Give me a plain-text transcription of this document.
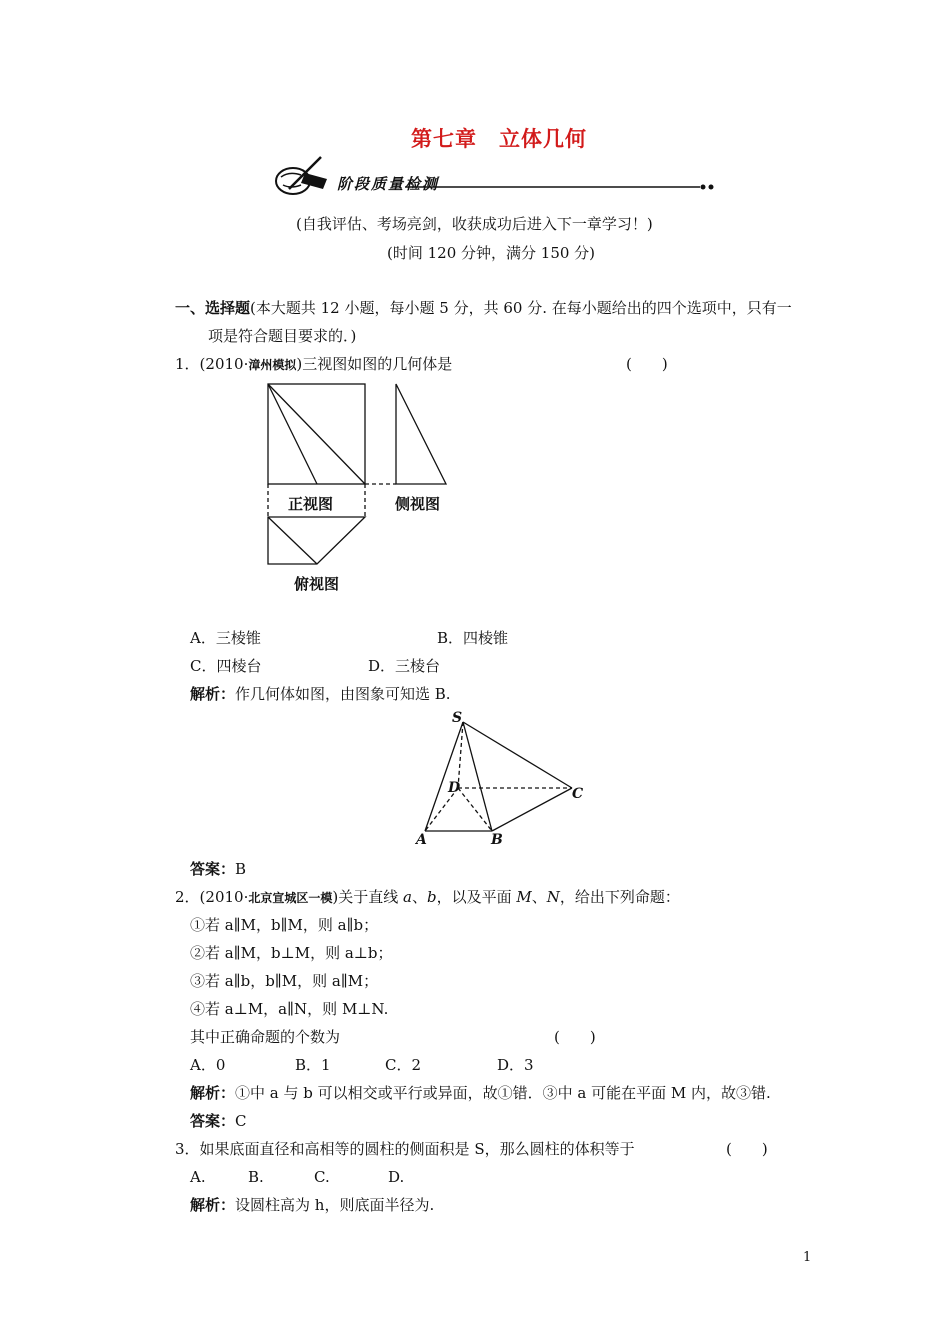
第七章　立体几何
阶段质量检测
(自我评估、考场亮剑，收获成功后进入下一章学习！)
(时间 120 分钟，满分 150 分)
一、选择题(本大题共 12 小题，每小题 5 分，共 60 分. 在每小题给出的四个选项中，只有一
项是符合题目要求的．)
1．(2010·漳州模拟)三视图如图的几何体是	(　　)
正视图	侧视图
俯视图
A．三棱锥	B．四棱锥
C．四棱台	D．三棱台
解析：作几何体如图，由图象可知选 B.
S
D	C
A	B
答案：B
2．(2010·北京宣城区一模)关于直线 a、b，以及平面 M、N，给出下列命题：
①若 a∥M，b∥M，则 a∥b；
②若 a∥M，b⊥M，则 a⊥b；
③若 a∥b，b∥M，则 a∥M；
④若 a⊥M，a∥N，则 M⊥N.
其中正确命题的个数为	(　　)
A．0	B．1	C．2	D．3
解析：①中 a 与 b 可以相交或平行或异面，故①错．③中 a 可能在平面 M 内，故③错.
答案：C
3．如果底面直径和高相等的圆柱的侧面积是 S，那么圆柱的体积等于	(　　)
A.	B.	C.	D.
解析：设圆柱高为 h，则底面半径为.
1
